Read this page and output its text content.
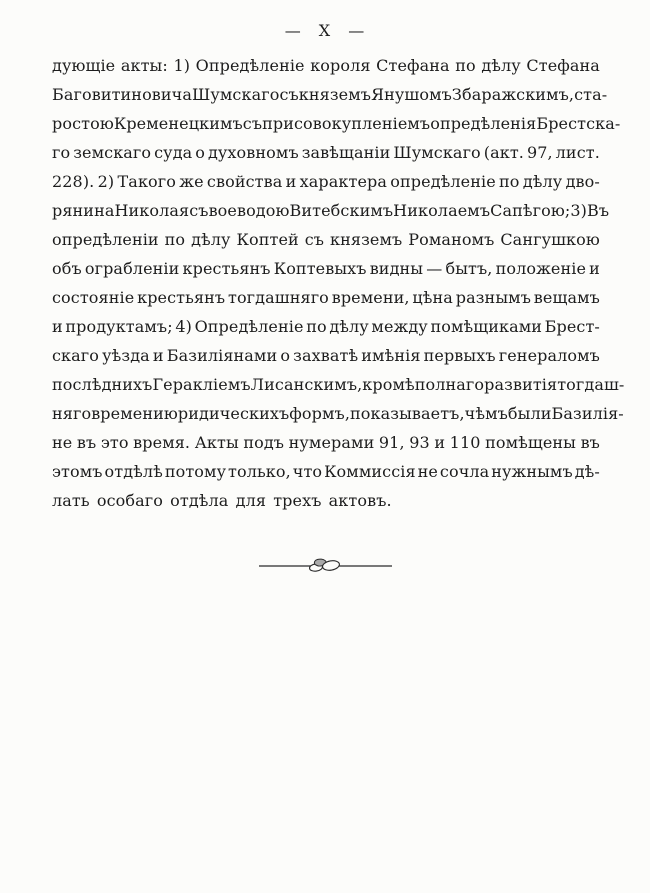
— X —
дующіе акты: 1) Опредѣленіе короля Стефана по дѣлу Стефана
Баговитиновича Шумскаго съ княземъ Янушомъ Збаражскимъ, ста-
ростою Кременецкимъ съ присовокупленіемъ опредѣленія Брестска-
го земскаго суда о духовномъ завѣщаніи Шумскаго (акт. 97, лист.
228). 2) Такого же свойства и характера опредѣленіе по дѣлу дво-
рянина Николая съ воеводою Витебскимъ Николаемъ Сапѣгою; 3) Въ
опредѣленіи по дѣлу Коптей съ княземъ Романомъ Сангушкою
объ ограбленіи крестьянъ Коптевыхъ видны — бытъ, положеніе и
состояніе крестьянъ тогдашняго времени, цѣна разнымъ вещамъ
и продуктамъ; 4) Опредѣленіе по дѣлу между помѣщиками Брест-
скаго уѣзда и Базиліянами о захватѣ имѣнія первыхъ генераломъ
послѣднихъ Геракліемъ Лисанскимъ, кромѣ полнаго развитія тогдаш-
няго времени юридическихъ формъ, показываетъ, чѣмъ были Базилія-
не въ это время. Акты подъ нумерами 91, 93 и 110 помѣщены въ
этомъ отдѣлѣ потому только, что Коммиссія не сочла нужнымъ дѣ-
лать особаго отдѣла для трехъ актовъ.
